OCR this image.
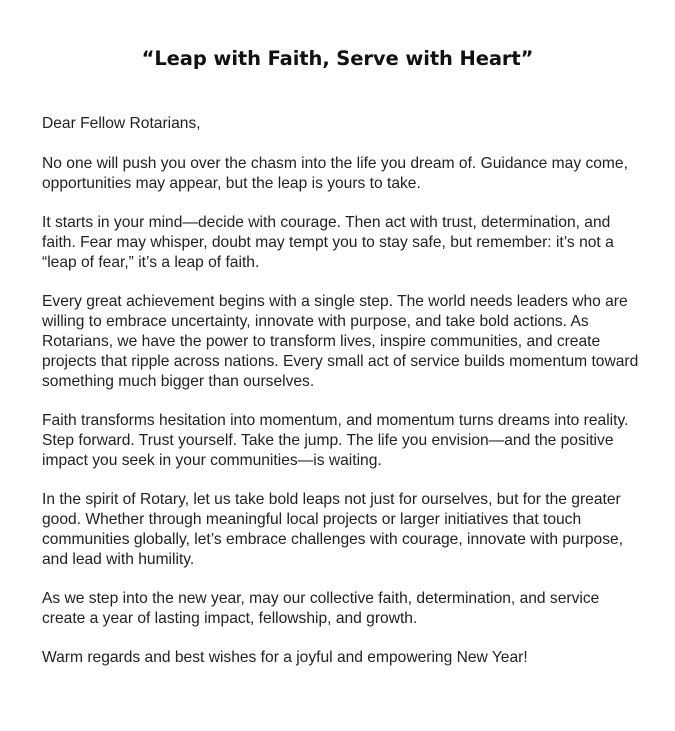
“Leap with Faith, Serve with Heart”

Dear Fellow Rotarians,

No one will push you over the chasm into the life you dream of. Guidance may come, opportunities may appear, but the leap is yours to take.

It starts in your mind—decide with courage. Then act with trust, determination, and faith. Fear may whisper, doubt may tempt you to stay safe, but remember: it’s not a “leap of fear,” it’s a leap of faith.

Every great achievement begins with a single step. The world needs leaders who are willing to embrace uncertainty, innovate with purpose, and take bold actions. As Rotarians, we have the power to transform lives, inspire communities, and create projects that ripple across nations. Every small act of service builds momentum toward something much bigger than ourselves.

Faith transforms hesitation into momentum, and momentum turns dreams into reality. Step forward. Trust yourself. Take the jump. The life you envision—and the positive impact you seek in your communities—is waiting.

In the spirit of Rotary, let us take bold leaps not just for ourselves, but for the greater good. Whether through meaningful local projects or larger initiatives that touch communities globally, let’s embrace challenges with courage, innovate with purpose, and lead with humility.

As we step into the new year, may our collective faith, determination, and service create a year of lasting impact, fellowship, and growth.

Warm regards and best wishes for a joyful and empowering New Year!
